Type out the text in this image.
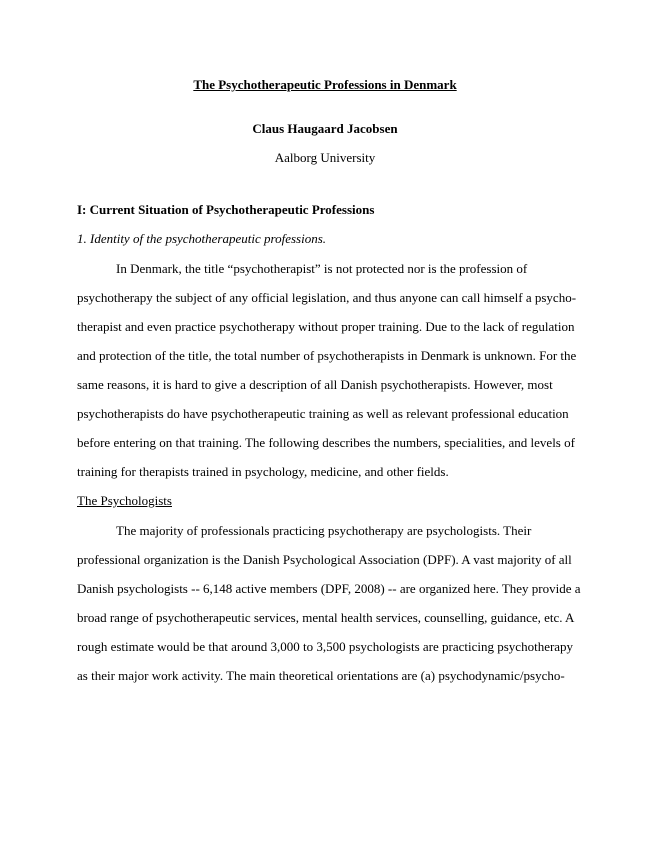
The Psychotherapeutic Professions in Denmark
Claus Haugaard Jacobsen
Aalborg University
I: Current Situation of Psychotherapeutic Professions
1. Identity of the psychotherapeutic professions.
In Denmark, the title “psychotherapist” is not protected nor is the profession of
psychotherapy the subject of any official legislation, and thus anyone can call himself a psycho-
therapist and even practice psychotherapy without proper training. Due to the lack of regulation
and protection of the title, the total number of psychotherapists in Denmark is unknown. For the
same reasons, it is hard to give a description of all Danish psychotherapists. However, most
psychotherapists do have psychotherapeutic training as well as relevant professional education
before entering on that training. The following describes the numbers, specialities, and levels of
training for therapists trained in psychology, medicine, and other fields.
The Psychologists
The majority of professionals practicing psychotherapy are psychologists. Their
professional organization is the Danish Psychological Association (DPF). A vast majority of all
Danish psychologists -- 6,148 active members (DPF, 2008) -- are organized here. They provide a
broad range of psychotherapeutic services, mental health services, counselling, guidance, etc. A
rough estimate would be that around 3,000 to 3,500 psychologists are practicing psychotherapy
as their major work activity. The main theoretical orientations are (a) psychodynamic/psycho-
